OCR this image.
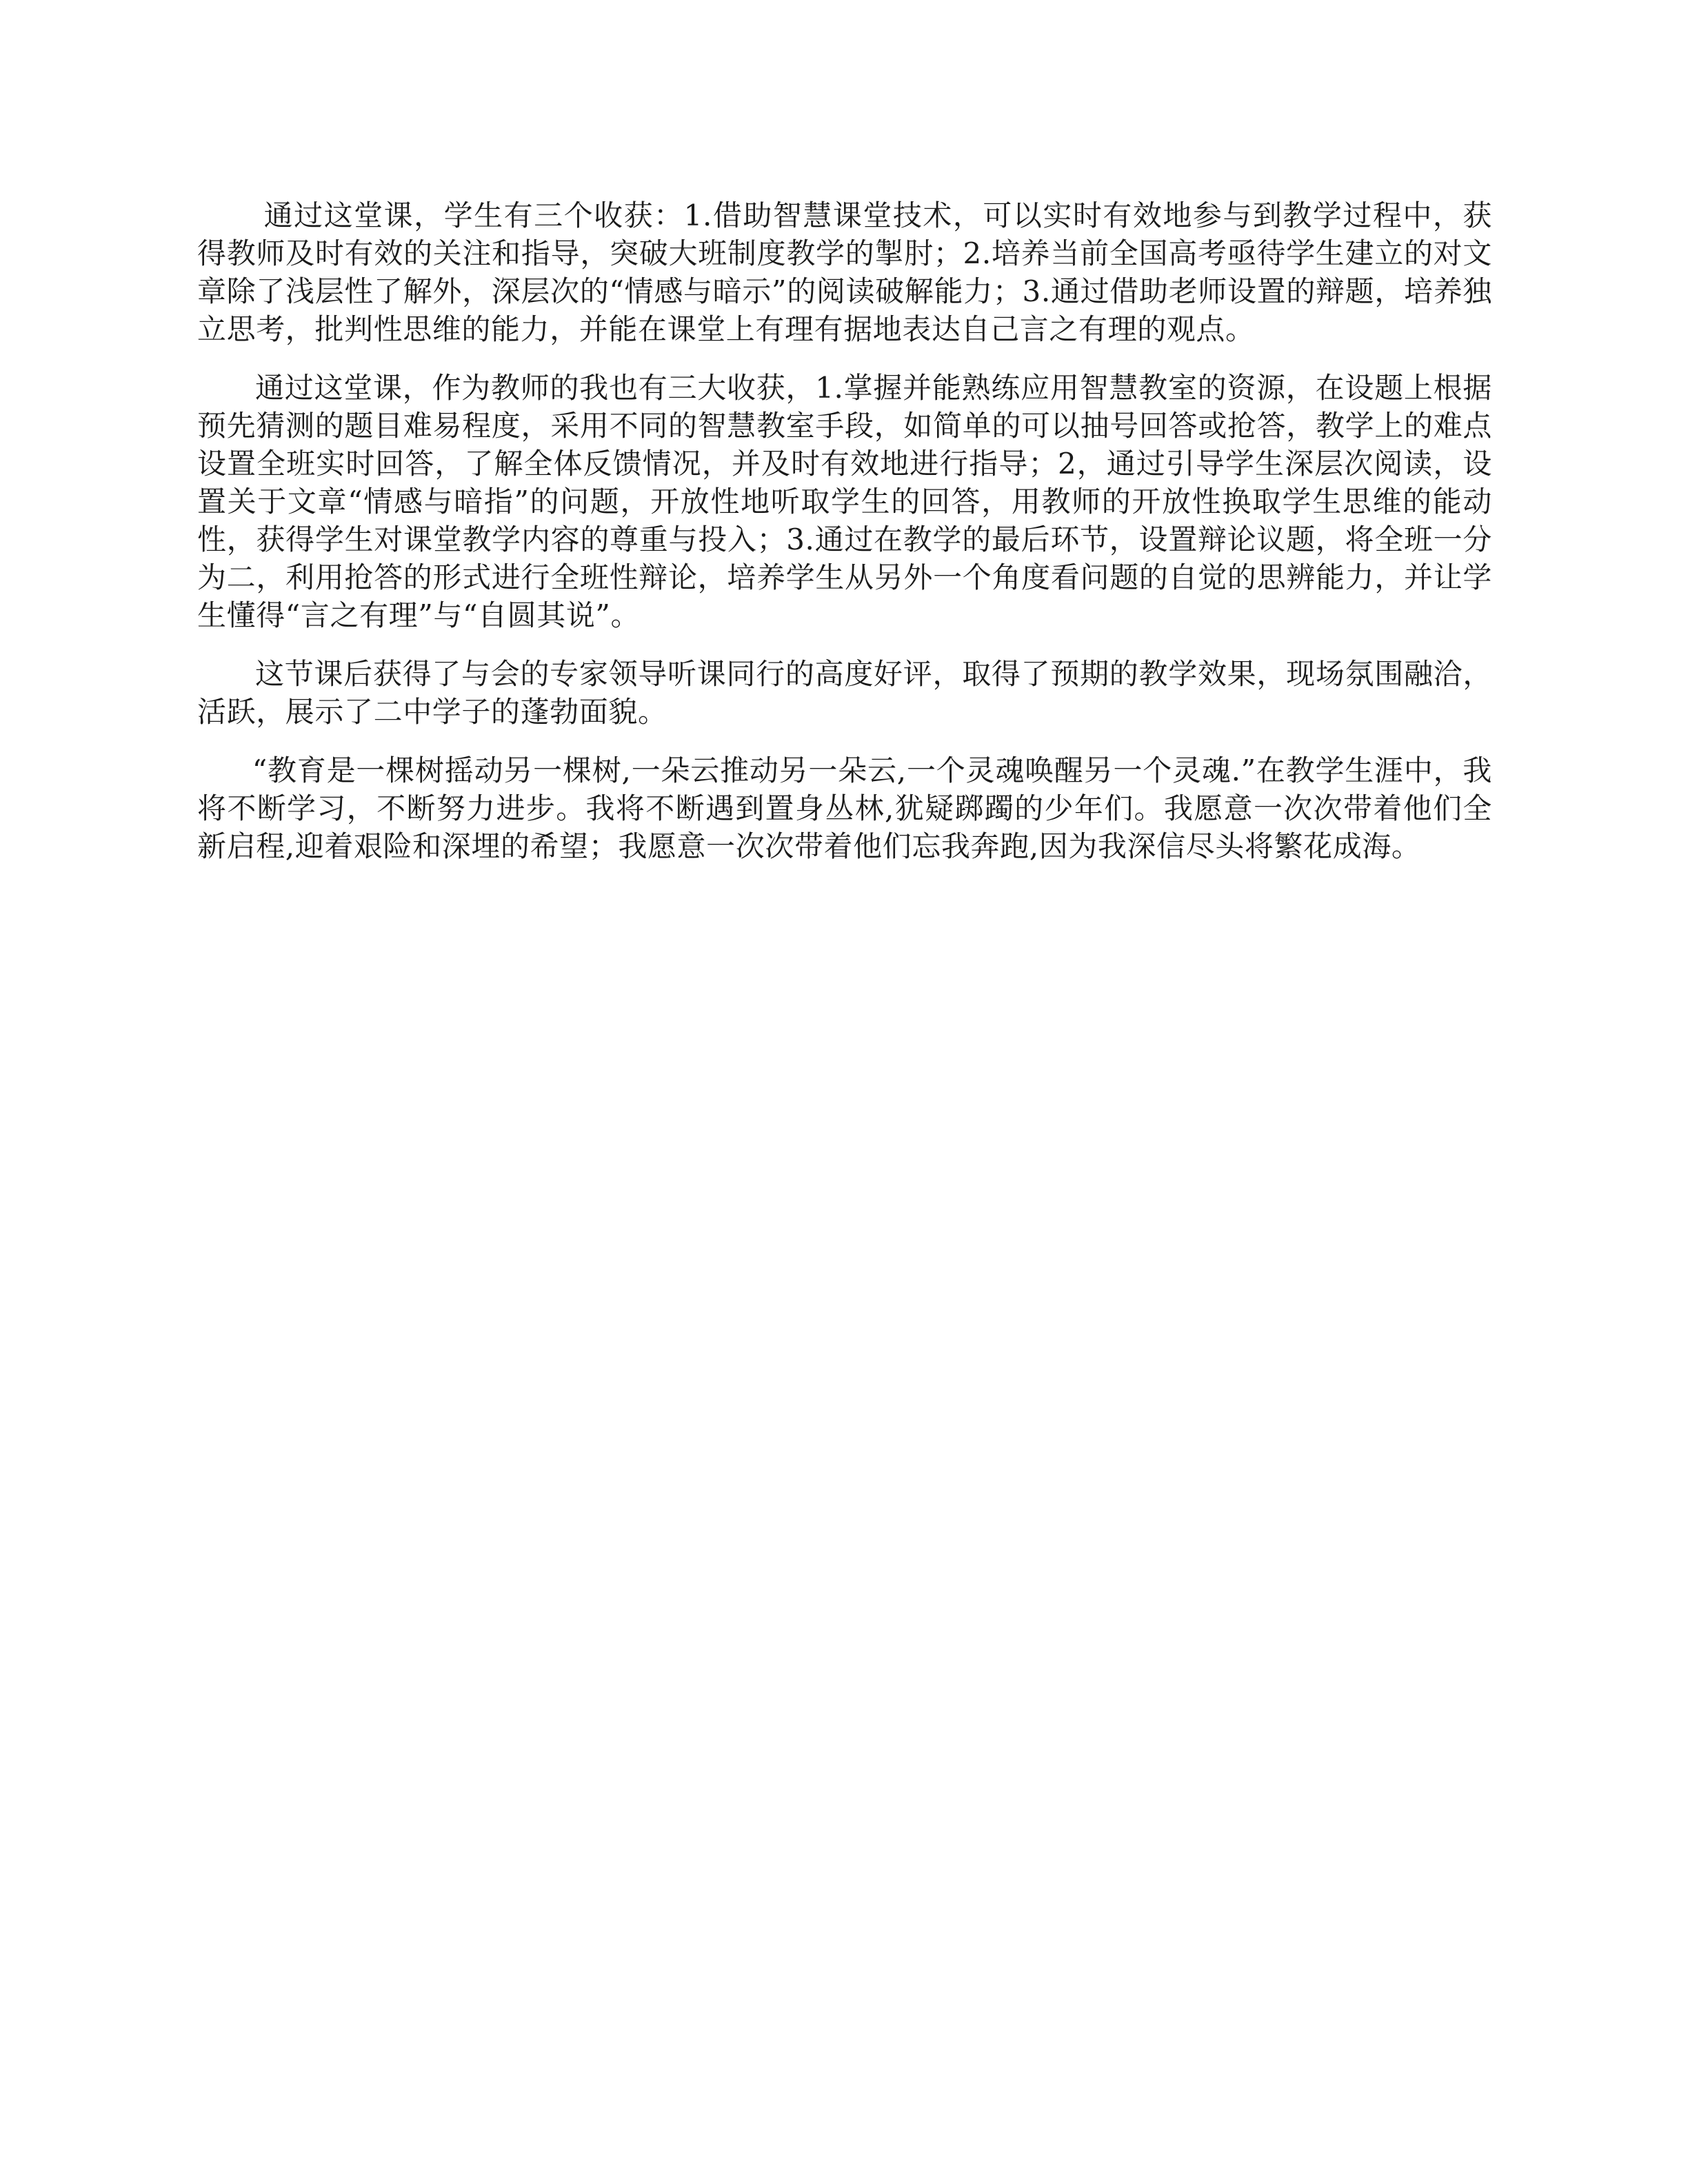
通过这堂课，学生有三个收获：1.借助智慧课堂技术，可以实时有效地参与到教学过程中，获得教师及时有效的关注和指导，突破大班制度教学的掣肘；2.培养当前全国高考亟待学生建立的对文章除了浅层性了解外，深层次的“情感与暗示”的阅读破解能力；3.通过借助老师设置的辩题，培养独立思考，批判性思维的能力，并能在课堂上有理有据地表达自己言之有理的观点。

通过这堂课，作为教师的我也有三大收获，1.掌握并能熟练应用智慧教室的资源，在设题上根据预先猜测的题目难易程度，采用不同的智慧教室手段，如简单的可以抽号回答或抢答，教学上的难点设置全班实时回答，了解全体反馈情况，并及时有效地进行指导；2，通过引导学生深层次阅读，设置关于文章“情感与暗指”的问题，开放性地听取学生的回答，用教师的开放性换取学生思维的能动性，获得学生对课堂教学内容的尊重与投入；3.通过在教学的最后环节，设置辩论议题，将全班一分为二，利用抢答的形式进行全班性辩论，培养学生从另外一个角度看问题的自觉的思辨能力，并让学生懂得“言之有理”与“自圆其说”。

这节课后获得了与会的专家领导听课同行的高度好评，取得了预期的教学效果，现场氛围融洽，活跃，展示了二中学子的蓬勃面貌。

“教育是一棵树摇动另一棵树,一朵云推动另一朵云,一个灵魂唤醒另一个灵魂.”在教学生涯中，我将不断学习，不断努力进步。我将不断遇到置身丛林,犹疑踯躅的少年们。我愿意一次次带着他们全新启程,迎着艰险和深埋的希望；我愿意一次次带着他们忘我奔跑,因为我深信尽头将繁花成海。
